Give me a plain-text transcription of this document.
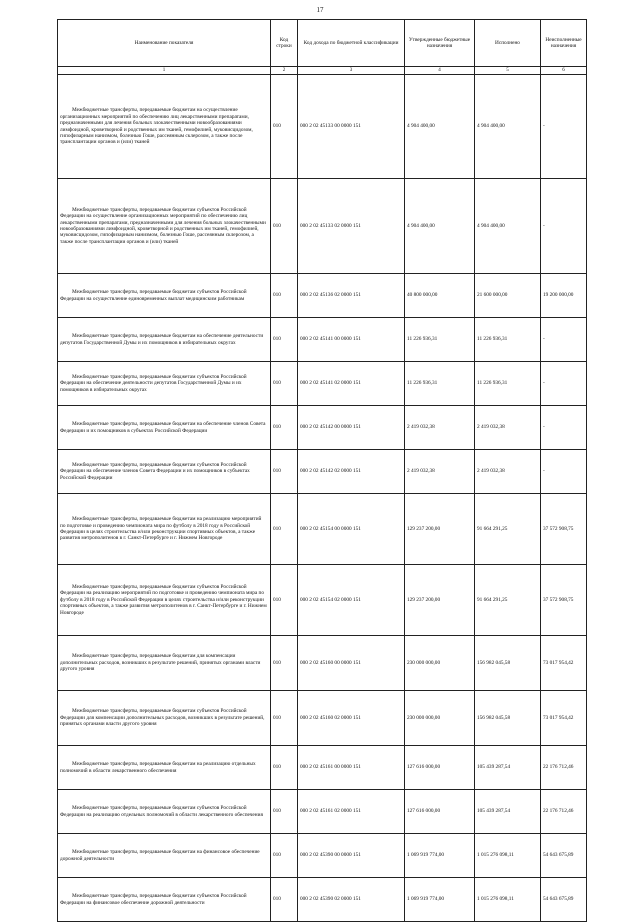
17
Наименование показателя	Код строки	Код дохода по бюджетной классификации	Утвержденные бюджетные назначения	Исполнено	Неисполненные назначения
1	2	3	4	5	6

Межбюджетные трансферты, передаваемые бюджетам на осуществление организационных мероприятий по обеспечению лиц лекарственными препаратами, предназначенными для лечения больных злокачественными новообразованиями лимфоидной, кроветворной и родственных им тканей, гемофилией, муковисцидозом, гипофизарным нанизмом, болезнью Гоше, рассеянным склерозом, а также после трансплантации органов и (или) тканей	010	000 2 02 45133 00 0000 151	4 904 400,00	4 904 400,00	-

Межбюджетные трансферты, передаваемые бюджетам субъектов Российской Федерации на осуществление организационных мероприятий по обеспечению лиц лекарственными препаратами, предназначенными для лечения больных злокачественными новообразованиями лимфоидной, кроветворной и родственных им тканей, гемофилией, муковисцидозом, гипофизарным нанизмом, болезнью Гоше, рассеянным склерозом, а также после трансплантации органов и (или) тканей	010	000 2 02 45133 02 0000 151	4 904 400,00	4 904 400,00	-

Межбюджетные трансферты, передаваемые бюджетам субъектов Российской Федерации на осуществление единовременных выплат медицинским работникам	010	000 2 02 45136 02 0000 151	40 800 000,00	21 600 000,00	19 200 000,00

Межбюджетные трансферты, передаваемые бюджетам на обеспечение деятельности депутатов Государственной Думы и их помощников в избирательных округах	010	000 2 02 45141 00 0000 151	11 226 936,31	11 226 936,31	-

Межбюджетные трансферты, передаваемые бюджетам субъектов Российской Федерации на обеспечение деятельности депутатов Государственной Думы и их помощников в избирательных округах	010	000 2 02 45141 02 0000 151	11 226 936,31	11 226 936,31	-

Межбюджетные трансферты, передаваемые бюджетам на обеспечение членов Совета Федерации и их помощников в субъектах Российской Федерации	010	000 2 02 45142 00 0000 151	2 419 032,38	2 419 032,38	-

Межбюджетные трансферты, передаваемые бюджетам субъектов Российской Федерации на обеспечение членов Совета Федерации и их помощников в субъектах Российской Федерации	010	000 2 02 45142 02 0000 151	2 419 032,38	2 419 032,38	-

Межбюджетные трансферты, передаваемые бюджетам на реализацию мероприятий по подготовке и проведению чемпионата мира по футболу в 2018 году в Российской Федерации в целях строительства и/или реконструкции спортивных объектов, а также развития метрополитенов в г. Санкт-Петербурге и г. Нижнем Новгороде	010	000 2 02 45154 00 0000 151	129 237 200,00	91 664 291,25	37 572 908,75

Межбюджетные трансферты, передаваемые бюджетам субъектов Российской Федерации на реализацию мероприятий по подготовке и проведению чемпионата мира по футболу в 2018 году в Российской Федерации в целях строительства и/или реконструкции спортивных объектов, а также развития метрополитенов в г. Санкт-Петербурге и г. Нижнем Новгороде	010	000 2 02 45154 02 0000 151	129 237 200,00	91 664 291,25	37 572 908,75

Межбюджетные трансферты, передаваемые бюджетам для компенсации дополнительных расходов, возникших в результате решений, принятых органами власти другого уровня	010	000 2 02 45160 00 0000 151	230 000 000,00	156 982 045,58	73 017 954,42

Межбюджетные трансферты, передаваемые бюджетам субъектов Российской Федерации для компенсации дополнительных расходов, возникших в результате решений, принятых органами власти другого уровня	010	000 2 02 45160 02 0000 151	230 000 000,00	156 982 045,58	73 017 954,42

Межбюджетные трансферты, передаваемые бюджетам на реализацию отдельных полномочий в области лекарственного обеспечения	010	000 2 02 45161 00 0000 151	127 616 000,00	105 439 287,54	22 176 712,46

Межбюджетные трансферты, передаваемые бюджетам субъектов Российской Федерации на реализацию отдельных полномочий в области лекарственного обеспечения	010	000 2 02 45161 02 0000 151	127 616 000,00	105 439 287,54	22 176 712,46

Межбюджетные трансферты, передаваемые бюджетам на финансовое обеспечение дорожной деятельности	010	000 2 02 45390 00 0000 151	1 069 919 774,00	1 015 276 098,11	54 643 675,89

Межбюджетные трансферты, передаваемые бюджетам субъектов Российской Федерации на финансовое обеспечение дорожной деятельности	010	000 2 02 45390 02 0000 151	1 069 919 774,00	1 015 276 098,11	54 643 675,89
